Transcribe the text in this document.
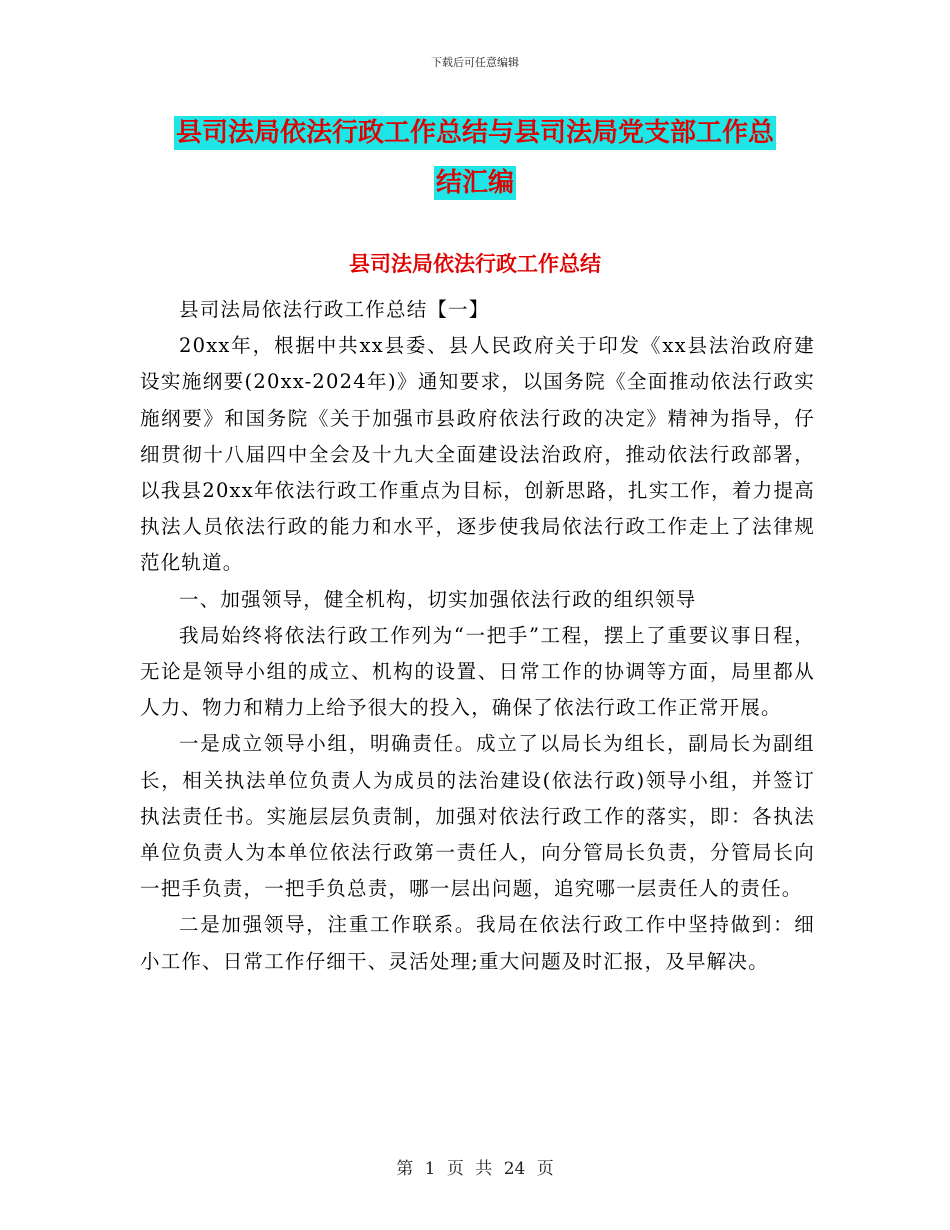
下载后可任意编辑
县司法局依法行政工作总结与县司法局党支部工作总
结汇编
县司法局依法行政工作总结

县司法局依法行政工作总结【一】

20xx年，根据中共xx县委、县人民政府关于印发《xx县法治政府建设实施纲要(20xx-2024年)》通知要求，以国务院《全面推动依法行政实施纲要》和国务院《关于加强市县政府依法行政的决定》精神为指导，仔细贯彻十八届四中全会及十九大全面建设法治政府，推动依法行政部署，以我县20xx年依法行政工作重点为目标，创新思路，扎实工作，着力提高执法人员依法行政的能力和水平，逐步使我局依法行政工作走上了法律规范化轨道。

一、加强领导，健全机构，切实加强依法行政的组织领导

我局始终将依法行政工作列为“一把手”工程，摆上了重要议事日程，无论是领导小组的成立、机构的设置、日常工作的协调等方面，局里都从人力、物力和精力上给予很大的投入，确保了依法行政工作正常开展。

一是成立领导小组，明确责任。成立了以局长为组长，副局长为副组长，相关执法单位负责人为成员的法治建设(依法行政)领导小组，并签订执法责任书。实施层层负责制，加强对依法行政工作的落实，即：各执法单位负责人为本单位依法行政第一责任人，向分管局长负责，分管局长向一把手负责，一把手负总责，哪一层出问题，追究哪一层责任人的责任。

二是加强领导，注重工作联系。我局在依法行政工作中坚持做到：细小工作、日常工作仔细干、灵活处理;重大问题及时汇报，及早解决。

第 1 页 共 24 页
